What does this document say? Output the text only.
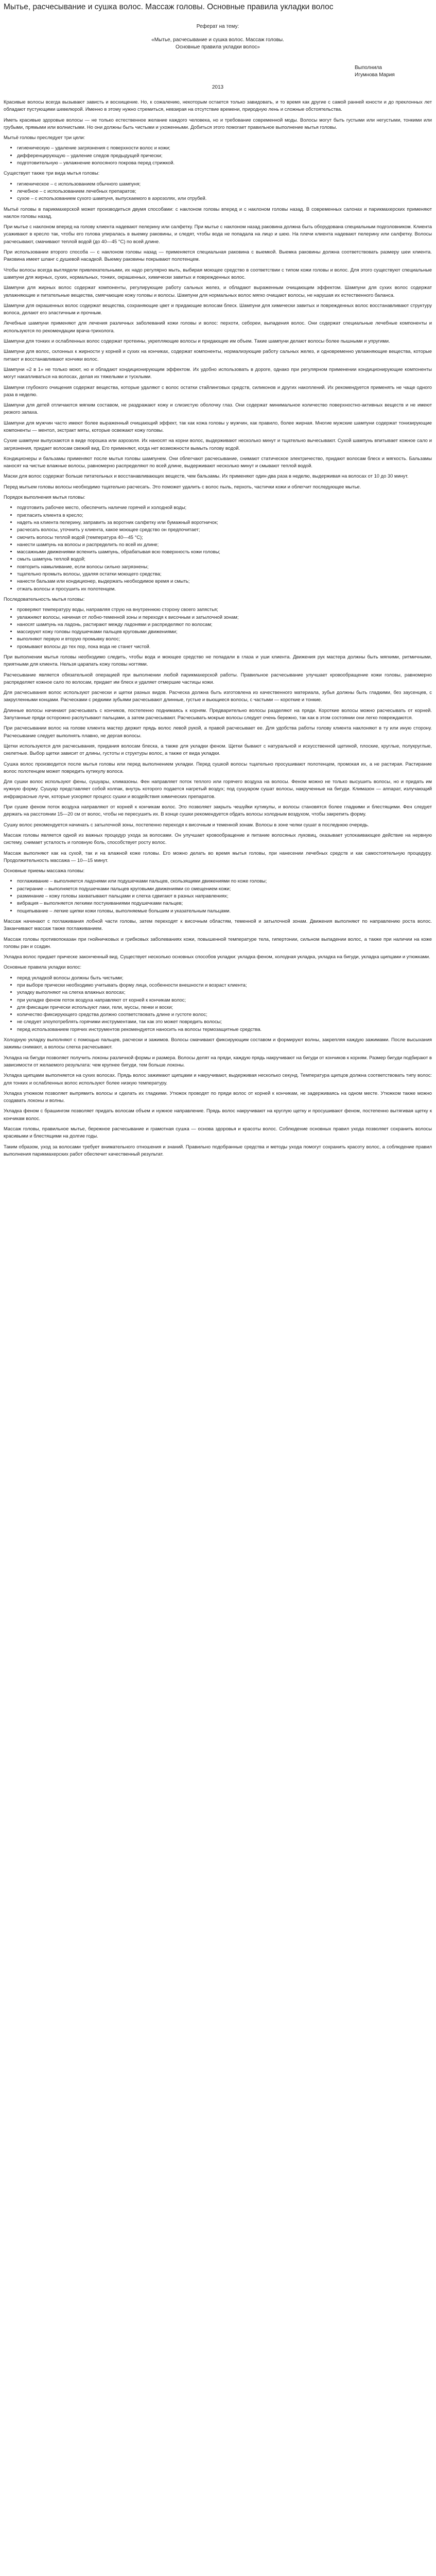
Мытье, расчесывание и сушка волос. Массаж головы. Основные правила укладки волос
Реферат на тему:
«Мытье, расчесывание и сушка волос. Массаж головы. Основные правила укладки волос»
Выполнила
Игумнова Мария
2013

Красивые волосы всегда вызывают зависть и восхищение. Но, к сожалению, некоторым остается только завидовать, и то время как другие с самой ранней юности и до преклонных лет обладают пустующими шевелюрой. Именно в этому нужно стремиться, невзирая на отсутствие времени, природную лень и сложные обстоятельства.

Иметь красивые здоровые волосы — не только естественное желание каждого человека, но и требование современной моды. Волосы могут быть густыми или негустыми, тонкими или грубыми, прямыми или волнистыми. Но они должны быть чистыми и ухоженными. Добиться этого помогает правильное выполнение мытья головы.

Мытьё головы преследует три цели:

• гигиеническую – удаление загрязнения с поверхности волос и кожи;
• дифференцирующую – удаление следов предыдущей прически;
• подготовительную – увлажнение волосяного покрова перед стрижкой.

Существует также три вида мытья головы:

• гигиеническое – с использованием обычного шампуня;
• лечебное – с использованием лечебных препаратов;
• сухое – с использованием сухого шампуня, выпускаемого в аэрозолях, или отрубей.

Мытьё головы в парикмахерской может производиться двумя способами: с наклоном головы вперед и с наклоном головы назад. В современных салонах и парикмахерских применяют наклон головы назад.

При мытье с наклоном вперед на голову клиента надевают пелерину или салфетку. При мытье с наклоном назад раковина должна быть оборудована специальным подголовником. Клиента усаживают в кресло так, чтобы его голова упиралась в выемку раковины, и следят, чтобы вода не попадала на лицо и шею. На плечи клиента надевают пелерину или салфетку. Волосы расчесывают, смачивают теплой водой (до 40—45 °С) по всей длине.

При использовании второго способа — с наклоном головы назад — применяется специальная раковина с выемкой. Выемка раковины должна соответствовать размеру шеи клиента. Раковина имеет шланг с душевой насадкой. Выемку раковины покрывают полотенцем.

Чтобы волосы всегда выглядели привлекательными, их надо регулярно мыть, выбирая моющее средство в соответствии с типом кожи головы и волос. Для этого существуют специальные шампуни для жирных, сухих, нормальных, тонких, окрашенных, химически завитых и поврежденных волос.

Шампуни для жирных волос содержат компоненты, регулирующие работу сальных желез, и обладают выраженным очищающим эффектом. Шампуни для сухих волос содержат увлажняющие и питательные вещества, смягчающие кожу головы и волосы. Шампуни для нормальных волос мягко очищают волосы, не нарушая их естественного баланса.

Шампуни для окрашенных волос содержат вещества, сохраняющие цвет и придающие волосам блеск. Шампуни для химически завитых и поврежденных волос восстанавливают структуру волоса, делают его эластичным и прочным.

Лечебные шампуни применяют для лечения различных заболеваний кожи головы и волос: перхоти, себореи, выпадения волос. Они содержат специальные лечебные компоненты и используются по рекомендации врача-трихолога.

Шампуни для тонких и ослабленных волос содержат протеины, укрепляющие волосы и придающие им объем. Такие шампуни делают волосы более пышными и упругими.

Шампуни для волос, склонных к жирности у корней и сухих на кончиках, содержат компоненты, нормализующие работу сальных желез, и одновременно увлажняющие вещества, которые питают и восстанавливают кончики волос.

Шампуни «2 в 1» не только моют, но и обладают кондиционирующим эффектом. Их удобно использовать в дороге, однако при регулярном применении кондиционирующие компоненты могут накапливаться на волосах, делая их тяжелыми и тусклыми.

Шампуни глубокого очищения содержат вещества, которые удаляют с волос остатки стайлинговых средств, силиконов и других накоплений. Их рекомендуется применять не чаще одного раза в неделю.

Шампуни для детей отличаются мягким составом, не раздражают кожу и слизистую оболочку глаз. Они содержат минимальное количество поверхностно-активных веществ и не имеют резкого запаха.

Шампуни для мужчин часто имеют более выраженный очищающий эффект, так как кожа головы у мужчин, как правило, более жирная. Многие мужские шампуни содержат тонизирующие компоненты — ментол, экстракт мяты, которые освежают кожу головы.

Сухие шампуни выпускаются в виде порошка или аэрозоля. Их наносят на корни волос, выдерживают несколько минут и тщательно вычесывают. Сухой шампунь впитывает кожное сало и загрязнения, придает волосам свежий вид. Его применяют, когда нет возможности вымыть голову водой.

Кондиционеры и бальзамы применяют после мытья головы шампунем. Они облегчают расчесывание, снимают статическое электричество, придают волосам блеск и мягкость. Бальзамы наносят на чистые влажные волосы, равномерно распределяют по всей длине, выдерживают несколько минут и смывают теплой водой.

Маски для волос содержат больше питательных и восстанавливающих веществ, чем бальзамы. Их применяют один-два раза в неделю, выдерживая на волосах от 10 до 30 минут.

Перед мытьем головы волосы необходимо тщательно расчесать. Это поможет удалить с волос пыль, перхоть, частички кожи и облегчит последующее мытье.

Порядок выполнения мытья головы:

• подготовить рабочее место, обеспечить наличие горячей и холодной воды;
• пригласить клиента в кресло;
• надеть на клиента пелерину, заправить за воротник салфетку или бумажный воротничок;
• расчесать волосы, уточнить у клиента, какое моющее средство он предпочитает;
• смочить волосы теплой водой (температура 40—45 °С);
• нанести шампунь на волосы и распределить по всей их длине;
• массажными движениями вспенить шампунь, обрабатывая всю поверхность кожи головы;
• смыть шампунь теплой водой;
• повторить намыливание, если волосы сильно загрязнены;
• тщательно промыть волосы, удаляя остатки моющего средства;
• нанести бальзам или кондиционер, выдержать необходимое время и смыть;
• отжать волосы и просушить их полотенцем.

Последовательность мытья головы:

• проверяют температуру воды, направляя струю на внутреннюю сторону своего запястья;
• увлажняют волосы, начиная от лобно-теменной зоны и переходя к височным и затылочной зонам;
• наносят шампунь на ладонь, растирают между ладонями и распределяют по волосам;
• массируют кожу головы подушечками пальцев круговыми движениями;
• выполняют первую и вторую промывку волос;
• промывают волосы до тех пор, пока вода не станет чистой.

При выполнении мытья головы необходимо следить, чтобы вода и моющее средство не попадали в глаза и уши клиента. Движения рук мастера должны быть мягкими, ритмичными, приятными для клиента. Нельзя царапать кожу головы ногтями.

Расчесывание является обязательной операцией при выполнении любой парикмахерской работы. Правильное расчесывание улучшает кровообращение кожи головы, равномерно распределяет кожное сало по волосам, придает им блеск и удаляет отмершие частицы кожи.

Для расчесывания волос используют расчески и щетки разных видов. Расческа должна быть изготовлена из качественного материала, зубья должны быть гладкими, без заусенцев, с закругленными концами. Расческами с редкими зубьями расчесывают длинные, густые и вьющиеся волосы, с частыми — короткие и тонкие.

Длинные волосы начинают расчесывать с кончиков, постепенно поднимаясь к корням. Предварительно волосы разделяют на пряди. Короткие волосы можно расчесывать от корней. Запутанные пряди осторожно распутывают пальцами, а затем расчесывают. Расчесывать мокрые волосы следует очень бережно, так как в этом состоянии они легко повреждаются.

При расчесывании волос на голове клиента мастер держит прядь волос левой рукой, а правой расчесывает ее. Для удобства работы голову клиента наклоняют в ту или иную сторону. Расчесывание следует выполнять плавно, не дергая волосы.

Щетки используются для расчесывания, придания волосам блеска, а также для укладки феном. Щетки бывают с натуральной и искусственной щетиной, плоские, круглые, полукруглые, скелетные. Выбор щетки зависит от длины, густоты и структуры волос, а также от вида укладки.

Сушка волос производится после мытья головы или перед выполнением укладки. Перед сушкой волосы тщательно просушивают полотенцем, промокая их, а не растирая. Растирание волос полотенцем может повредить кутикулу волоса.

Для сушки волос используют фены, сушуары, климазоны. Фен направляет поток теплого или горячего воздуха на волосы. Феном можно не только высушить волосы, но и придать им нужную форму. Сушуар представляет собой колпак, внутрь которого подается нагретый воздух; под сушуаром сушат волосы, накрученные на бигуди. Климазон — аппарат, излучающий инфракрасные лучи, которые ускоряют процесс сушки и воздействия химических препаратов.

При сушке феном поток воздуха направляют от корней к кончикам волос. Это позволяет закрыть чешуйки кутикулы, и волосы становятся более гладкими и блестящими. Фен следует держать на расстоянии 15—20 см от волос, чтобы не пересушить их. В конце сушки рекомендуется обдать волосы холодным воздухом, чтобы закрепить форму.

Сушку волос рекомендуется начинать с затылочной зоны, постепенно переходя к височным и теменной зонам. Волосы в зоне челки сушат в последнюю очередь.

Массаж головы является одной из важных процедур ухода за волосами. Он улучшает кровообращение и питание волосяных луковиц, оказывает успокаивающее действие на нервную систему, снимает усталость и головную боль, способствует росту волос.

Массаж выполняют как на сухой, так и на влажной коже головы. Его можно делать во время мытья головы, при нанесении лечебных средств и как самостоятельную процедуру. Продолжительность массажа — 10—15 минут.

Основные приемы массажа головы:

• поглаживание – выполняется ладонями или подушечками пальцев, скользящими движениями по коже головы;
• растирание – выполняется подушечками пальцев круговыми движениями со смещением кожи;
• разминание – кожу головы захватывают пальцами и слегка сдвигают в разных направлениях;
• вибрация – выполняется легкими постукиваниями подушечками пальцев;
• пощипывание – легкие щипки кожи головы, выполняемые большим и указательным пальцами.

Массаж начинают с поглаживания лобной части головы, затем переходят к височным областям, теменной и затылочной зонам. Движения выполняют по направлению роста волос. Заканчивают массаж также поглаживанием.

Массаж головы противопоказан при гнойничковых и грибковых заболеваниях кожи, повышенной температуре тела, гипертонии, сильном выпадении волос, а также при наличии на коже головы ран и ссадин.

Укладка волос придает прическе законченный вид. Существует несколько основных способов укладки: укладка феном, холодная укладка, укладка на бигуди, укладка щипцами и утюжками.

Основные правила укладки волос:

• перед укладкой волосы должны быть чистыми;
• при выборе прически необходимо учитывать форму лица, особенности внешности и возраст клиента;
• укладку выполняют на слегка влажных волосах;
• при укладке феном поток воздуха направляют от корней к кончикам волос;
• для фиксации прически используют лаки, гели, муссы, пенки и воски;
• количество фиксирующего средства должно соответствовать длине и густоте волос;
• не следует злоупотреблять горячими инструментами, так как это может повредить волосы;
• перед использованием горячих инструментов рекомендуется наносить на волосы термозащитные средства.

Холодную укладку выполняют с помощью пальцев, расчески и зажимов. Волосы смачивают фиксирующим составом и формируют волны, закрепляя каждую зажимами. После высыхания зажимы снимают, а волосы слегка расчесывают.

Укладка на бигуди позволяет получить локоны различной формы и размера. Волосы делят на пряди, каждую прядь накручивают на бигуди от кончиков к корням. Размер бигуди подбирают в зависимости от желаемого результата: чем крупнее бигуди, тем больше локоны.

Укладка щипцами выполняется на сухих волосах. Прядь волос зажимают щипцами и накручивают, выдерживая несколько секунд. Температура щипцов должна соответствовать типу волос: для тонких и ослабленных волос используют более низкую температуру.

Укладка утюжком позволяет выпрямить волосы и сделать их гладкими. Утюжок проводят по пряди волос от корней к кончикам, не задерживаясь на одном месте. Утюжком также можно создавать локоны и волны.

Укладка феном с брашингом позволяет придать волосам объем и нужное направление. Прядь волос накручивают на круглую щетку и просушивают феном, постепенно вытягивая щетку к кончикам волос.

Массаж головы, правильное мытье, бережное расчесывание и грамотная сушка — основа здоровья и красоты волос. Соблюдение основных правил ухода позволяет сохранить волосы красивыми и блестящими на долгие годы.

Таким образом, уход за волосами требует внимательного отношения и знаний. Правильно подобранные средства и методы ухода помогут сохранить красоту волос, а соблюдение правил выполнения парикмахерских работ обеспечит качественный результат.
